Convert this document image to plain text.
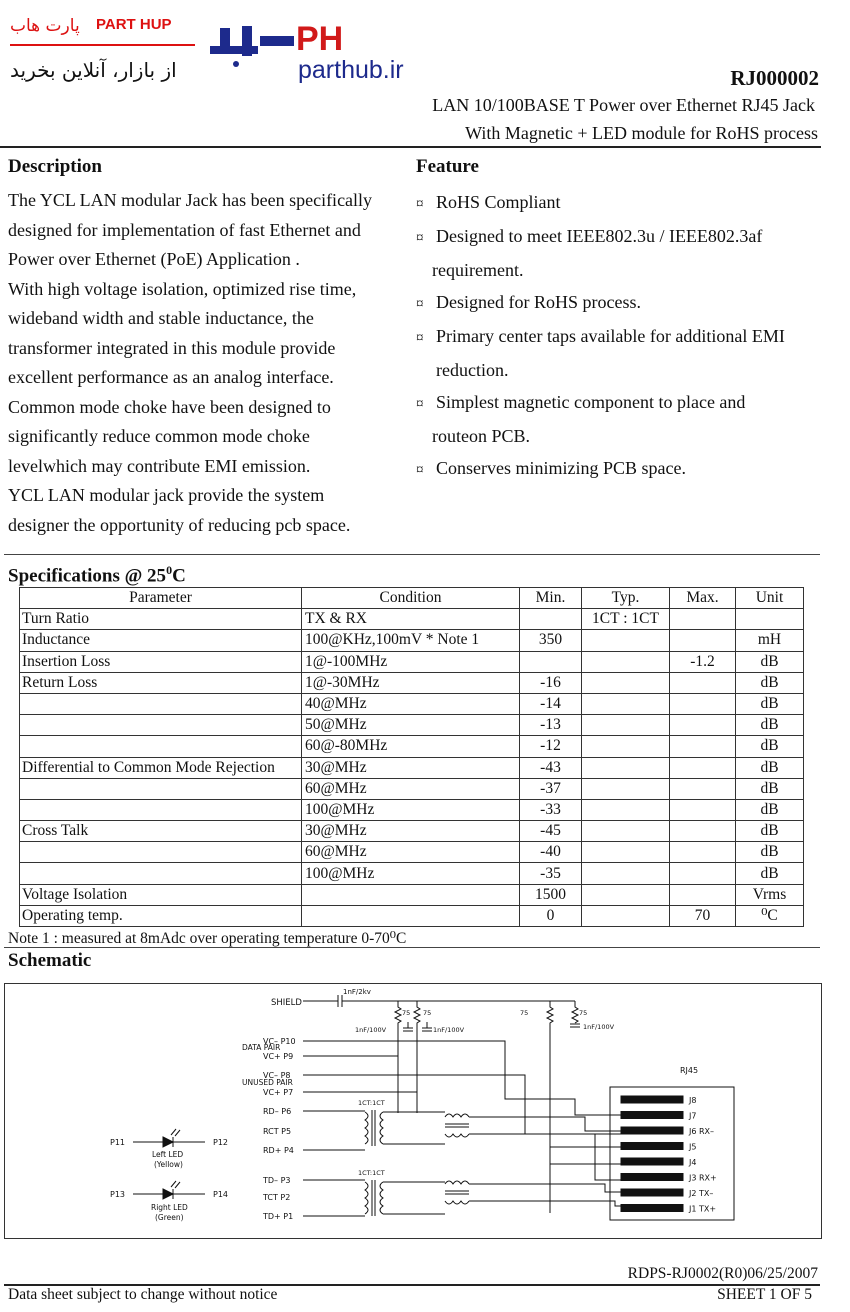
پارت هاب PART HUP
از بازار، آنلاین بخرید
PH
parthub.ir	RJ000002
LAN 10/100BASE T Power over Ethernet RJ45 Jack
With Magnetic + LED module for RoHS process
Description
The YCL LAN modular Jack has been specifically
designed for implementation of fast Ethernet and
Power over Ethernet (PoE) Application .
With high voltage isolation, optimized rise time,
wideband width and stable inductance, the
transformer integrated in this module provide
excellent performance as an analog interface.
Common mode choke have been designed to
significantly reduce common mode choke
levelwhich may contribute EMI emission.
YCL LAN modular jack provide the system
designer the opportunity of reducing pcb space.
Feature
¤ RoHS Compliant
¤ Designed to meet IEEE802.3u / IEEE802.3af
requirement.
¤ Designed for RoHS process.
¤ Primary center taps available for additional EMI
reduction.
¤ Simplest magnetic component to place and
routeon PCB.
¤ Conserves minimizing PCB space.
Specifications @ $25^0C$
Parameter	Condition	Min.	Typ.	Max.	Unit
Turn Ratio	TX & RX		1CT : 1CT		
Inductance	100@KHz,100mV * Note 1	350			mH
Insertion Loss	1@-100MHz			-1.2	dB
Return Loss	1@-30MHz	-16			dB
	40@MHz	-14			dB
	50@MHz	-13			dB
	60@-80MHz	-12			dB
Differential to Common Mode Rejection	30@MHz	-43			dB
	60@MHz	-37			dB
	100@MHz	-33			dB
Cross Talk	30@MHz	-45			dB
	60@MHz	-40			dB
	100@MHz	-35			dB
Voltage Isolation		1500			Vrms
Operating temp.		0		70	⁰C
Note 1 : measured at 8mAdc over operating temperature 0-70⁰C
Schematic
SHIELD
1nF/2kv
75 75	75	75
1nF/100V	1nF/100V	1nF/100V
DATA PAIR
UNUSED PAIR
VC– P10
VC+ P9
VC– P8
VC+ P7
RD– P6
RCT P5
RD+ P4
TD– P3
TCT P2
TD+ P1
1CT:1CT
1CT:1CT
RJ45
J8
J7
J6 RX–
J5
J4
J3 RX+
J2 TX–
J1 TX+
P11	P12
P13	P14
Left LED
(Yellow)
Right LED
(Green)
RDPS-RJ0002(R0)06/25/2007
Data sheet subject to change without notice	SHEET 1 OF 5
